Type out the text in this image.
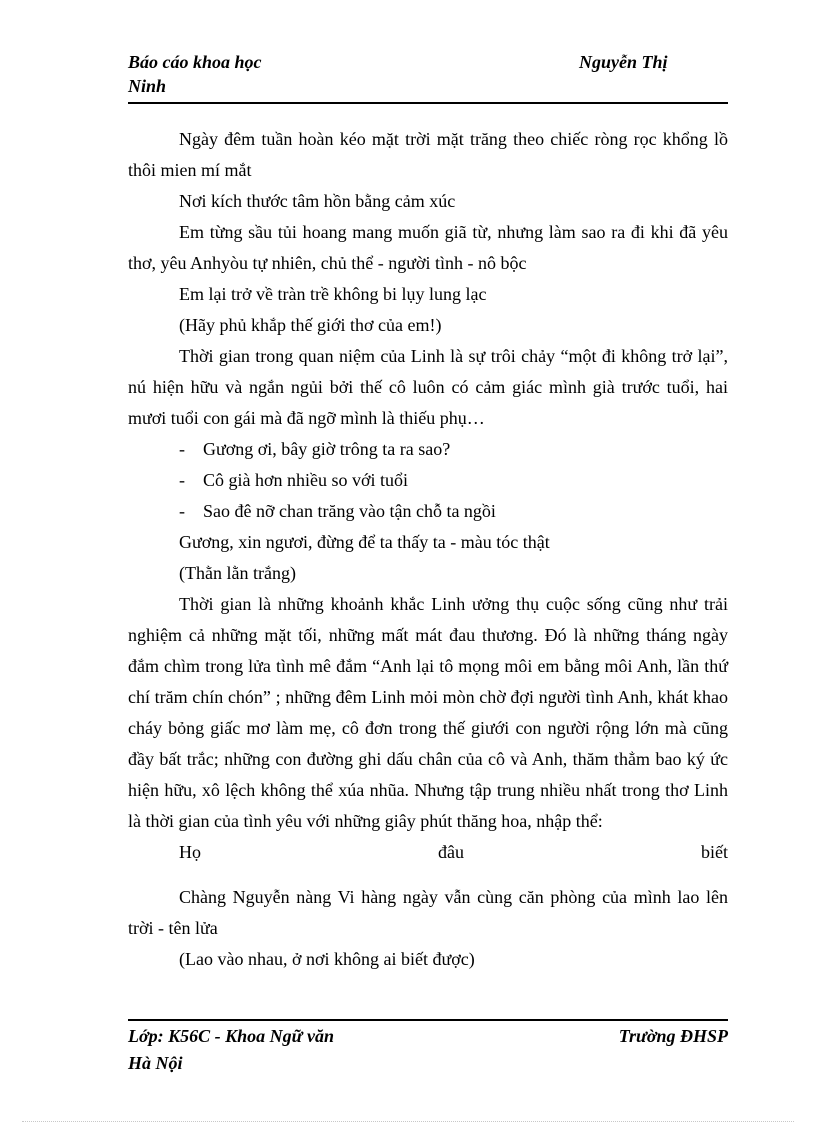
Báo cáo khoa học
Ninh
Nguyễn Thị

Ngày đêm tuần hoàn kéo mặt trời mặt trăng theo chiếc ròng rọc khổng lồ thôi mien mí mắt

Nơi kích thước tâm hồn bằng cảm xúc

Em từng sầu tủi hoang mang muốn giã từ, nhưng làm sao ra đi khi đã yêu thơ, yêu Anhyòu tự nhiên, chủ thể - người tình - nô bộc

Em lại trở về tràn trề không bi lụy lung lạc

(Hãy phủ khắp thế giới thơ của em!)

Thời gian trong quan niệm của Linh là sự trôi chảy “một đi không trở lại”, nú hiện hữu và ngắn ngủi bởi thế cô luôn có cảm giác mình già trước tuổi, hai mươi tuổi con gái mà đã ngỡ mình là thiếu phụ…

- Gương ơi, bây giờ trông ta ra sao?

- Cô già hơn nhiều so với tuổi

- Sao đê nỡ chan trăng vào tận chỗ ta ngồi

Gương, xin ngươi, đừng để ta thấy ta - màu tóc thật

(Thằn lằn trắng)

Thời gian là những khoảnh khắc Linh ưởng thụ cuộc sống cũng như trải nghiệm cả những mặt tối, những mất mát đau thương. Đó là những tháng ngày đắm chìm trong lửa tình mê đắm “Anh lại tô mọng môi em bằng môi Anh, lần thứ chí trăm chín chón” ; những đêm Linh mỏi mòn chờ đợi người tình Anh, khát khao cháy bỏng giấc mơ làm mẹ, cô đơn trong thế giưới con người rộng lớn mà cũng đầy bất trắc; những con đường ghi dấu chân của cô và Anh, thăm thẳm bao ký ức hiện hữu, xô lệch không thể xúa nhũa. Nhưng tập trung nhiều nhất trong thơ Linh là thời gian của tình yêu với những giây phút thăng hoa, nhập thể:

Họ	đâu	biết

Chàng Nguyễn nàng Vi hàng ngày vẫn cùng căn phòng của mình lao lên trời - tên lửa

(Lao vào nhau, ở nơi không ai biết được)

Lớp: K56C - Khoa Ngữ văn
Hà Nội
Trường ĐHSP
